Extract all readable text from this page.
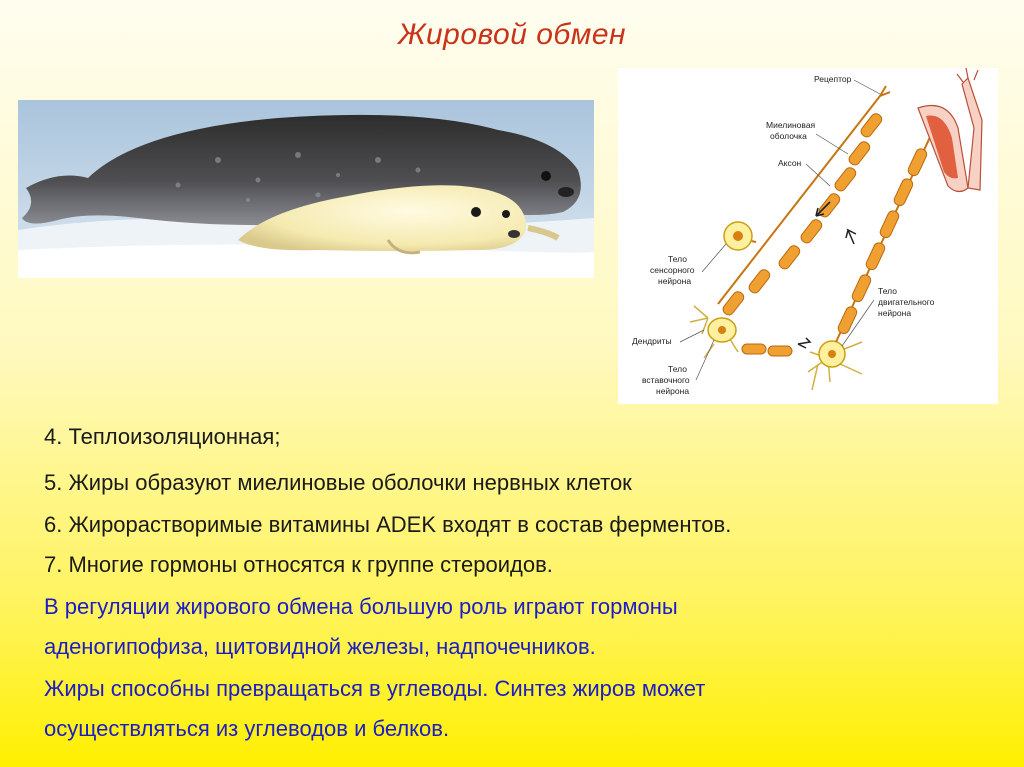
Жировой обмен
Рецептор
Миелиновая
оболочка
Аксон
Тело
сенсорного
нейрона
Тело
двигательного
нейрона
Дендриты
Тело
вставочного
нейрона
4. Теплоизоляционная;
5. Жиры образуют миелиновые оболочки нервных клеток
6. Жирорастворимые витамины ADEK входят в состав ферментов.
7. Многие гормоны относятся к группе стероидов.
В регуляции жирового обмена большую роль играют гормоны
аденогипофиза, щитовидной железы, надпочечников.
Жиры способны превращаться в углеводы. Синтез жиров может
осуществляться из углеводов и белков.
